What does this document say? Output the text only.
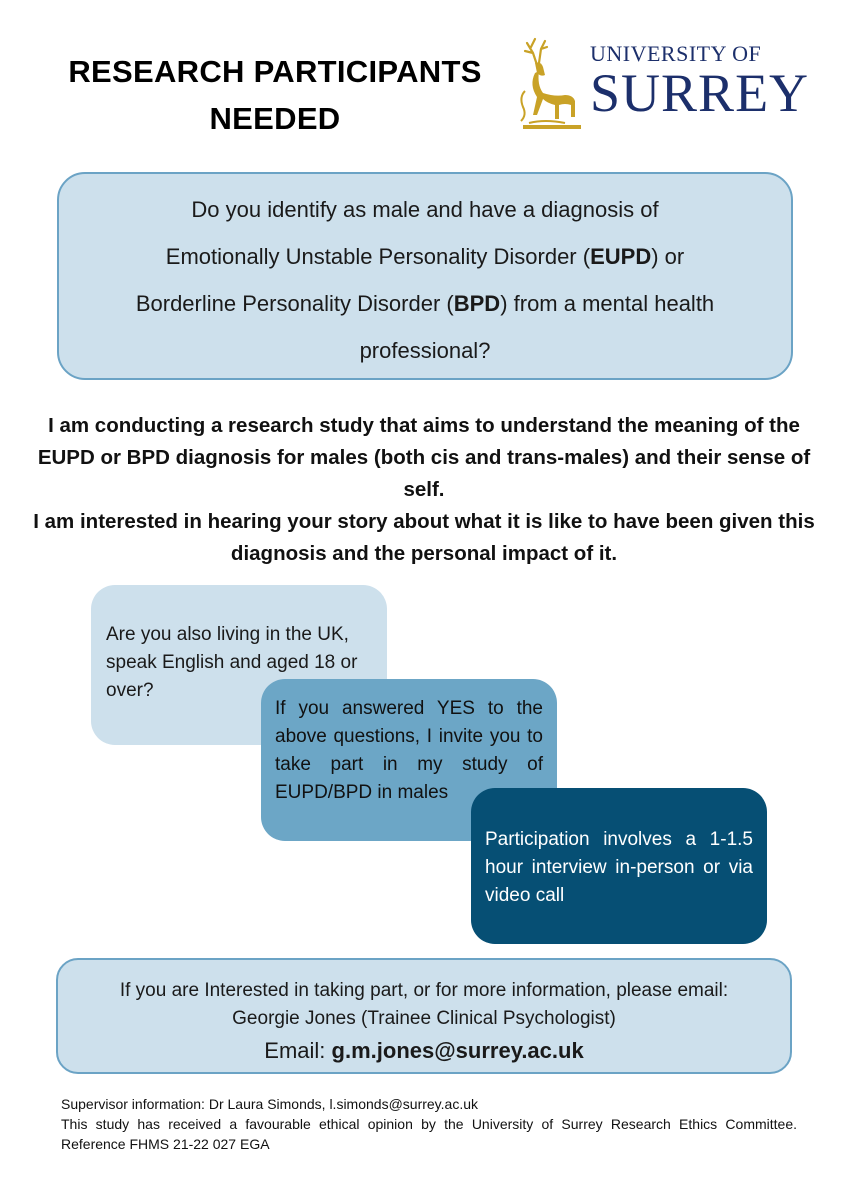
RESEARCH PARTICIPANTS
NEEDED
UNIVERSITY OF
SURREY

Do you identify as male and have a diagnosis of

Emotionally Unstable Personality Disorder (EUPD) or

Borderline Personality Disorder (BPD) from a mental health

professional?

I am conducting a research study that aims to understand the meaning of the EUPD or BPD diagnosis for males (both cis and trans-males) and their sense of self.

I am interested in hearing your story about what it is like to have been given this diagnosis and the personal impact of it.

Are you also living in the UK, speak English and aged 18 or over?
If you answered YES to the above questions, I invite you to take part in my study of EUPD/BPD in males
Participation involves a 1-1.5 hour interview in-person or via video call
If you are Interested in taking part, or for more information, please email:
Georgie Jones (Trainee Clinical Psychologist)
Email: g.m.jones@surrey.ac.uk
Supervisor information: Dr Laura Simonds, l.simonds@surrey.ac.uk
This study has received a favourable ethical opinion by the University of Surrey Research Ethics Committee. Reference FHMS 21-22 027 EGA
